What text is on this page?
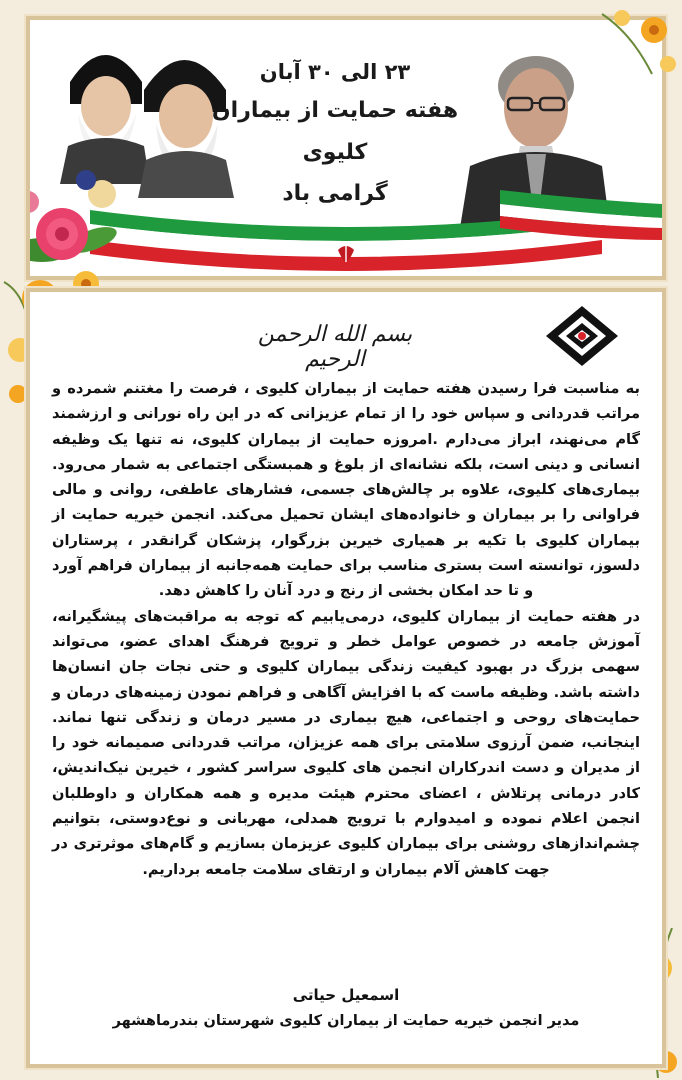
۲۳ الی ۳۰ آبان
هفته حمایت از بیماران کلیوی
گرامی باد
بسم الله الرحمن الرحیم

به مناسبت فرا رسیدن هفته حمایت از بیماران کلیوی ، فرصت را مغتنم شمرده و مراتب قدردانی و سپاس خود را از تمام عزیزانی که در این راه نورانی و ارزشمند گام می‌نهند، ابراز می‌دارم .امروزه حمایت از بیماران کلیوی، نه تنها یک وظیفه انسانی و دینی است، بلکه نشانه‌ای از بلوغ و همبستگی اجتماعی به شمار می‌رود. بیماری‌های کلیوی، علاوه بر چالش‌های جسمی، فشارهای عاطفی، روانی و مالی فراوانی را بر بیماران و خانواده‌های ایشان تحمیل می‌کند. انجمن خیریه حمایت از بیماران کلیوی با تکیه بر همیاری خیرین بزرگوار، پزشکان گرانقدر ، پرستاران دلسوز، توانسته است بستری مناسب برای حمایت همه‌جانبه از بیماران فراهم آورد و تا حد امکان بخشی از رنج و درد آنان را کاهش دهد.

در هفته حمایت از بیماران کلیوی، درمی‌یابیم که توجه به مراقبت‌های پیشگیرانه، آموزش جامعه در خصوص عوامل خطر و ترویج فرهنگ اهدای عضو، می‌تواند سهمی بزرگ در بهبود کیفیت زندگی بیماران کلیوی و حتی نجات جان انسان‌ها داشته باشد. وظیفه ماست که با افزایش آگاهی و فراهم نمودن زمینه‌های درمان و حمایت‌های روحی و اجتماعی، هیچ بیماری در مسیر درمان و زندگی تنها نماند. اینجانب، ضمن آرزوی سلامتی برای همه عزیزان، مراتب قدردانی صمیمانه خود را از مدیران و دست اندرکاران انجمن های کلیوی سراسر کشور ، خیرین نیک‌اندیش، کادر درمانی پرتلاش ، اعضای محترم هیئت مدیره و همه همکاران و داوطلبان انجمن اعلام نموده و امیدوارم با ترویج همدلی، مهربانی و نوع‌دوستی، بتوانیم چشم‌اندازهای روشنی برای بیماران کلیوی عزیزمان بسازیم و گام‌های موثرتری در جهت کاهش آلام بیماران و ارتقای سلامت جامعه برداریم.

اسمعیل حیاتی
مدیر انجمن خیریه حمایت از بیماران کلیوی شهرستان بندرماهشهر
